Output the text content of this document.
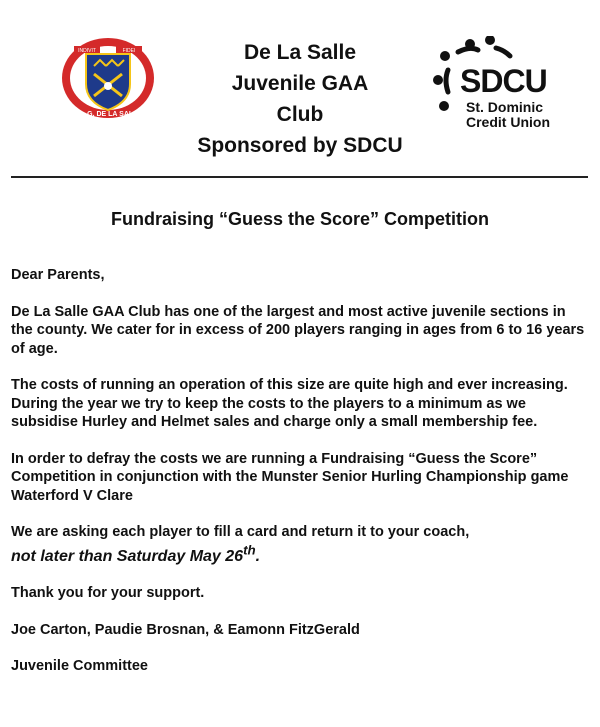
INDIVIT	FIDEI
C.L.G. DE LA SALLE
De La Salle
Juvenile GAA
Club
Sponsored by SDCU
SDCU
St. Dominic
Credit Union
Fundraising “Guess the Score” Competition

Dear Parents,

De La Salle GAA Club has one of the largest and most active juvenile sections in the county. We cater for in excess of 200 players ranging in ages from 6 to 16 years of age.

The costs of running an operation of this size are quite high and ever increasing. During the year we try to keep the costs to the players to a minimum as we subsidise Hurley and Helmet sales and charge only a small membership fee.

In order to defray the costs we are running a Fundraising “Guess the Score” Competition in conjunction with the Munster Senior Hurling Championship game Waterford V Clare

We are asking each player to fill a card and return it to your coach,
not later than Saturday May 26th.

Thank you for your support.

Joe Carton, Paudie Brosnan, & Eamonn FitzGerald

Juvenile Committee
